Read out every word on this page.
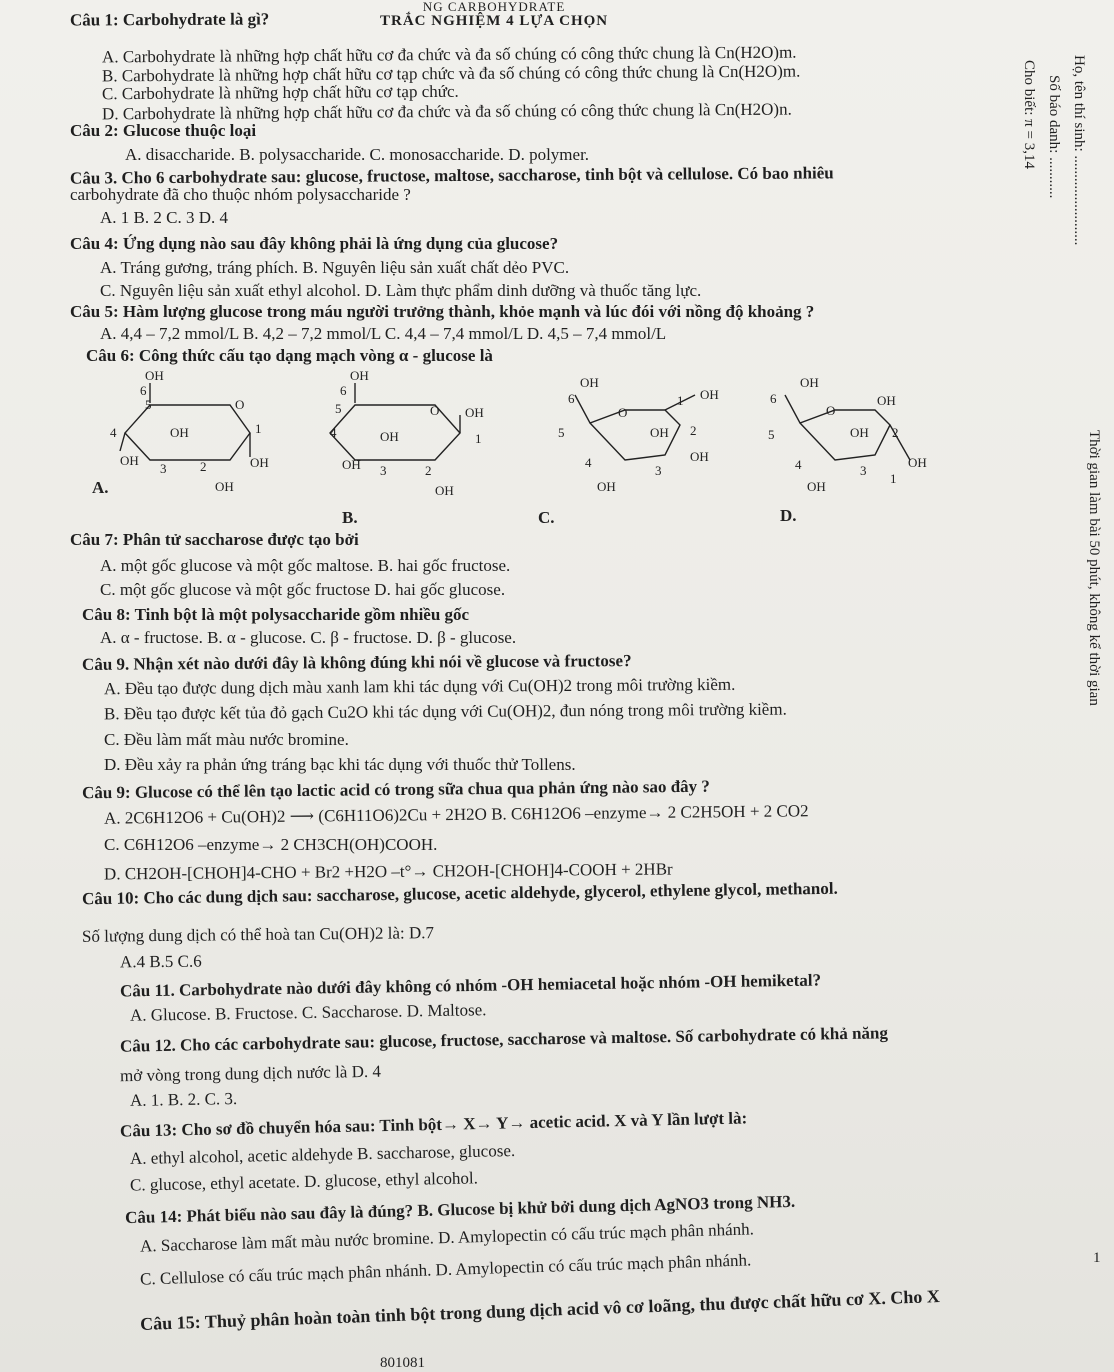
NG CARBOHYDRATE
TRẮC NGHIỆM 4 LỰA CHỌN
Câu 1: Carbohydrate là gì?
A. Carbohydrate là những hợp chất hữu cơ đa chức và đa số chúng có công thức chung là Cn(H2O)m.
B. Carbohydrate là những hợp chất hữu cơ tạp chức và đa số chúng có công thức chung là Cn(H2O)m.
C. Carbohydrate là những hợp chất hữu cơ tạp chức.
D. Carbohydrate là những hợp chất hữu cơ đa chức và đa số chúng có công thức chung là Cn(H2O)n.
Câu 2: Glucose thuộc loại
A. disaccharide. B. polysaccharide. C. monosaccharide. D. polymer.
Câu 3. Cho 6 carbohydrate sau: glucose, fructose, maltose, saccharose, tinh bột và cellulose. Có bao nhiêu
carbohydrate đã cho thuộc nhóm polysaccharide ?
A. 1 B. 2 C. 3 D. 4
Câu 4: Ứng dụng nào sau đây không phải là ứng dụng của glucose?
A. Tráng gương, tráng phích. B. Nguyên liệu sản xuất chất dẻo PVC.
C. Nguyên liệu sản xuất ethyl alcohol. D. Làm thực phẩm dinh dưỡng và thuốc tăng lực.
Câu 5: Hàm lượng glucose trong máu người trưởng thành, khỏe mạnh và lúc đói với nồng độ khoảng ?
A. 4,4 – 7,2 mmol/L B. 4,2 – 7,2 mmol/L C. 4,4 – 7,4 mmol/L D. 4,5 – 7,4 mmol/L
Câu 6: Công thức cấu tạo dạng mạch vòng α - glucose là
OH
6
5	O
4	OH	1
OH
3	2	OH
OH
A.
OH
6
5	O OH
4	OH	1
OH 3	2
OH
B.
OH
6
O
1 OH
5	OH 2
OH
4
3
OH
C.
OH
6
O
OH
5	OH 2
4	3
1
OH
OH
D.
Câu 7: Phân tử saccharose được tạo bởi
A. một gốc glucose và một gốc maltose. B. hai gốc fructose.
C. một gốc glucose và một gốc fructose D. hai gốc glucose.
Câu 8: Tinh bột là một polysaccharide gồm nhiều gốc
A. α - fructose. B. α - glucose. C. β - fructose. D. β - glucose.
Câu 9. Nhận xét nào dưới đây là không đúng khi nói về glucose và fructose?
A. Đều tạo được dung dịch màu xanh lam khi tác dụng với Cu(OH)2 trong môi trường kiềm.
B. Đều tạo được kết tủa đỏ gạch Cu2O khi tác dụng với Cu(OH)2, đun nóng trong môi trường kiềm.
C. Đều làm mất màu nước bromine.
D. Đều xảy ra phản ứng tráng bạc khi tác dụng với thuốc thử Tollens.
Câu 9: Glucose có thể lên tạo lactic acid có trong sữa chua qua phản ứng nào sao đây ?
A. 2C6H12O6 + Cu(OH)2 ⟶ (C6H11O6)2Cu + 2H2O B. C6H12O6 –enzyme→ 2 C2H5OH + 2 CO2
C. C6H12O6 –enzyme→ 2 CH3CH(OH)COOH.
D. CH2OH-[CHOH]4-CHO + Br2 +H2O –t°→ CH2OH-[CHOH]4-COOH + 2HBr
Câu 10: Cho các dung dịch sau: saccharose, glucose, acetic aldehyde, glycerol, ethylene glycol, methanol.
Số lượng dung dịch có thể hoà tan Cu(OH)2 là: D.7
A.4 B.5 C.6
Câu 11. Carbohydrate nào dưới đây không có nhóm -OH hemiacetal hoặc nhóm -OH hemiketal?
A. Glucose. B. Fructose. C. Saccharose. D. Maltose.
Câu 12. Cho các carbohydrate sau: glucose, fructose, saccharose và maltose. Số carbohydrate có khả năng
mở vòng trong dung dịch nước là D. 4
A. 1. B. 2. C. 3.
Câu 13: Cho sơ đồ chuyển hóa sau: Tinh bột→ X→ Y→ acetic acid. X và Y lần lượt là:
A. ethyl alcohol, acetic aldehyde B. saccharose, glucose.
C. glucose, ethyl acetate. D. glucose, ethyl alcohol.
Câu 14: Phát biểu nào sau đây là đúng? B. Glucose bị khử bởi dung dịch AgNO3 trong NH3.
A. Saccharose làm mất màu nước bromine. D. Amylopectin có cấu trúc mạch phân nhánh.
C. Cellulose có cấu trúc mạch phân nhánh. D. Amylopectin có cấu trúc mạch phân nhánh.
Câu 15: Thuỷ phân hoàn toàn tinh bột trong dung dịch acid vô cơ loãng, thu được chất hữu cơ X. Cho X
801081
Họ, tên thí sinh: ........................
Số báo danh: ...........
Cho biết: π = 3,14
Thời gian làm bài 50 phút, không kể thời gian
1
